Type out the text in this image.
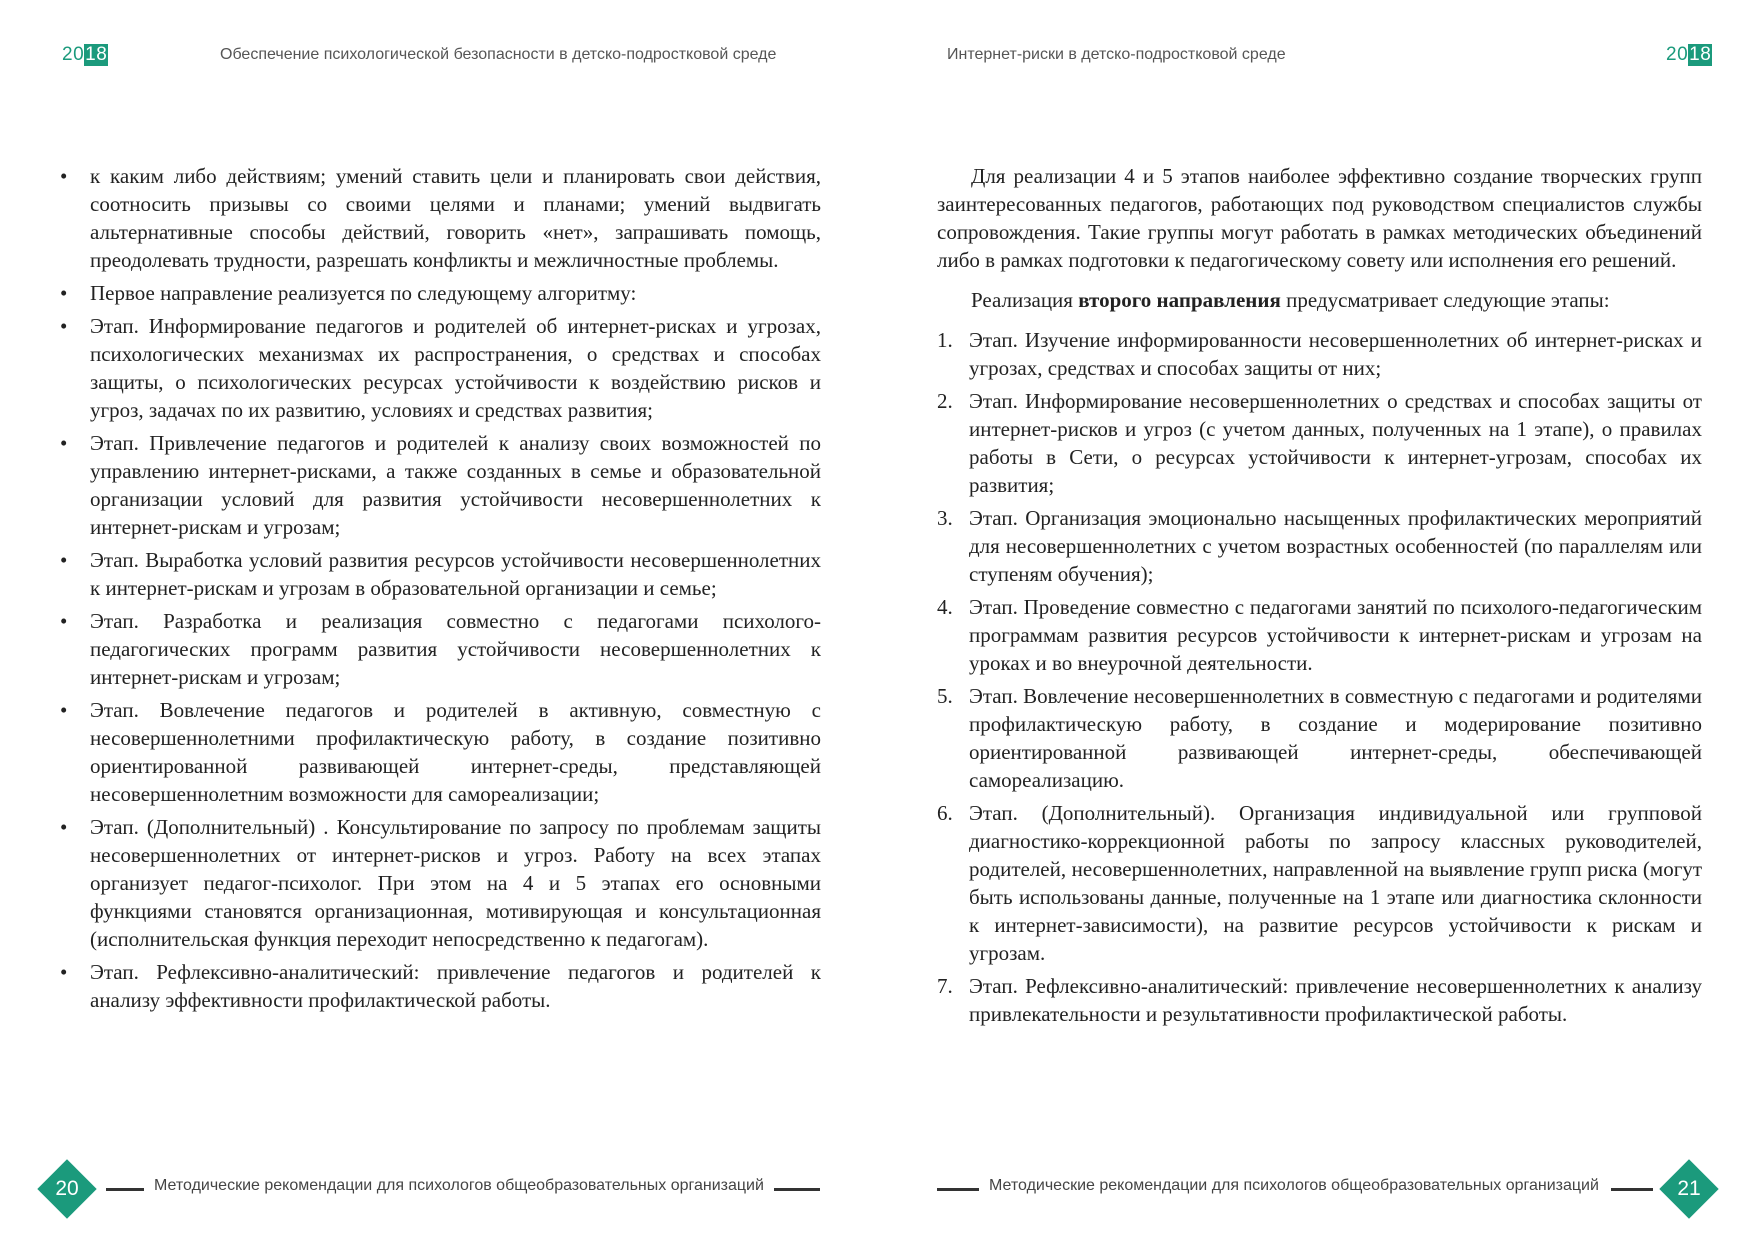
2018	Обеспечение психологической безопасности в детско-подростковой среде	Интернет-риски в детско-подростковой среде	2018
• к каким либо действиям; умений ставить цели и планировать свои действия, соотносить призывы со своими целями и планами; умений выдвигать альтернативные способы действий, говорить «нет», запрашивать помощь, преодолевать трудности, разрешать конфликты и межличностные проблемы.
• Первое направление реализуется по следующему алгоритму:
• Этап. Информирование педагогов и родителей об интернет-рисках и угрозах, психологических механизмах их распространения, о средствах и способах защиты, о психологических ресурсах устойчивости к воздействию рисков и угроз, задачах по их развитию, условиях и средствах развития;
• Этап. Привлечение педагогов и родителей к анализу своих возможностей по управлению интернет-рисками, а также созданных в семье и образовательной организации условий для развития устойчивости несовершеннолетних к интернет-рискам и угрозам;
• Этап. Выработка условий развития ресурсов устойчивости несовершеннолетних к интернет-рискам и угрозам в образовательной организации и семье;
• Этап. Разработка и реализация совместно с педагогами психолого-педагогических программ развития устойчивости несовершеннолетних к интернет-рискам и угрозам;
• Этап. Вовлечение педагогов и родителей в активную, совместную с несовершеннолетними профилактическую работу, в создание позитивно ориентированной развивающей интернет-среды, представляющей несовершеннолетним возможности для самореализации;
• Этап. (Дополнительный) . Консультирование по запросу по проблемам защиты несовершеннолетних от интернет-рисков и угроз. Работу на всех этапах организует педагог-психолог. При этом на 4 и 5 этапах его основными функциями становятся организационная, мотивирующая и консультационная (исполнительская функция переходит непосредственно к педагогам).
• Этап. Рефлексивно-аналитический: привлечение педагогов и родителей к анализу эффективности профилактической работы.

Для реализации 4 и 5 этапов наиболее эффективно создание творческих групп заинтересованных педагогов, работающих под руководством специалистов службы сопровождения. Такие группы могут работать в рамках методических объединений либо в рамках подготовки к педагогическому совету или исполнения его решений.

Реализация второго направления предусматривает следующие этапы:

1. Этап. Изучение информированности несовершеннолетних об интернет-рисках и угрозах, средствах и способах защиты от них;
2. Этап. Информирование несовершеннолетних о средствах и способах защиты от интернет-рисков и угроз (с учетом данных, полученных на 1 этапе), о правилах работы в Сети, о ресурсах устойчивости к интернет-угрозам, способах их развития;
3. Этап. Организация эмоционально насыщенных профилактических мероприятий для несовершеннолетних с учетом возрастных особенностей (по параллелям или ступеням обучения);
4. Этап. Проведение совместно с педагогами занятий по психолого-педагогическим программам развития ресурсов устойчивости к интернет-рискам и угрозам на уроках и во внеурочной деятельности.
5. Этап. Вовлечение несовершеннолетних в совместную с педагогами и родителями профилактическую работу, в создание и модерирование позитивно ориентированной развивающей интернет-среды, обеспечивающей самореализацию.
6. Этап. (Дополнительный). Организация индивидуальной или групповой диагностико-коррекционной работы по запросу классных руководителей, родителей, несовершеннолетних, направленной на выявление групп риска (могут быть использованы данные, полученные на 1 этапе или диагностика склонности к интернет-зависимости), на развитие ресурсов устойчивости к рискам и угрозам.
7. Этап. Рефлексивно-аналитический: привлечение несовершеннолетних к анализу привлекательности и результативности профилактической работы.
20	Методические рекомендации для психологов общеобразовательных организаций	Методические рекомендации для психологов общеобразовательных организаций	21
